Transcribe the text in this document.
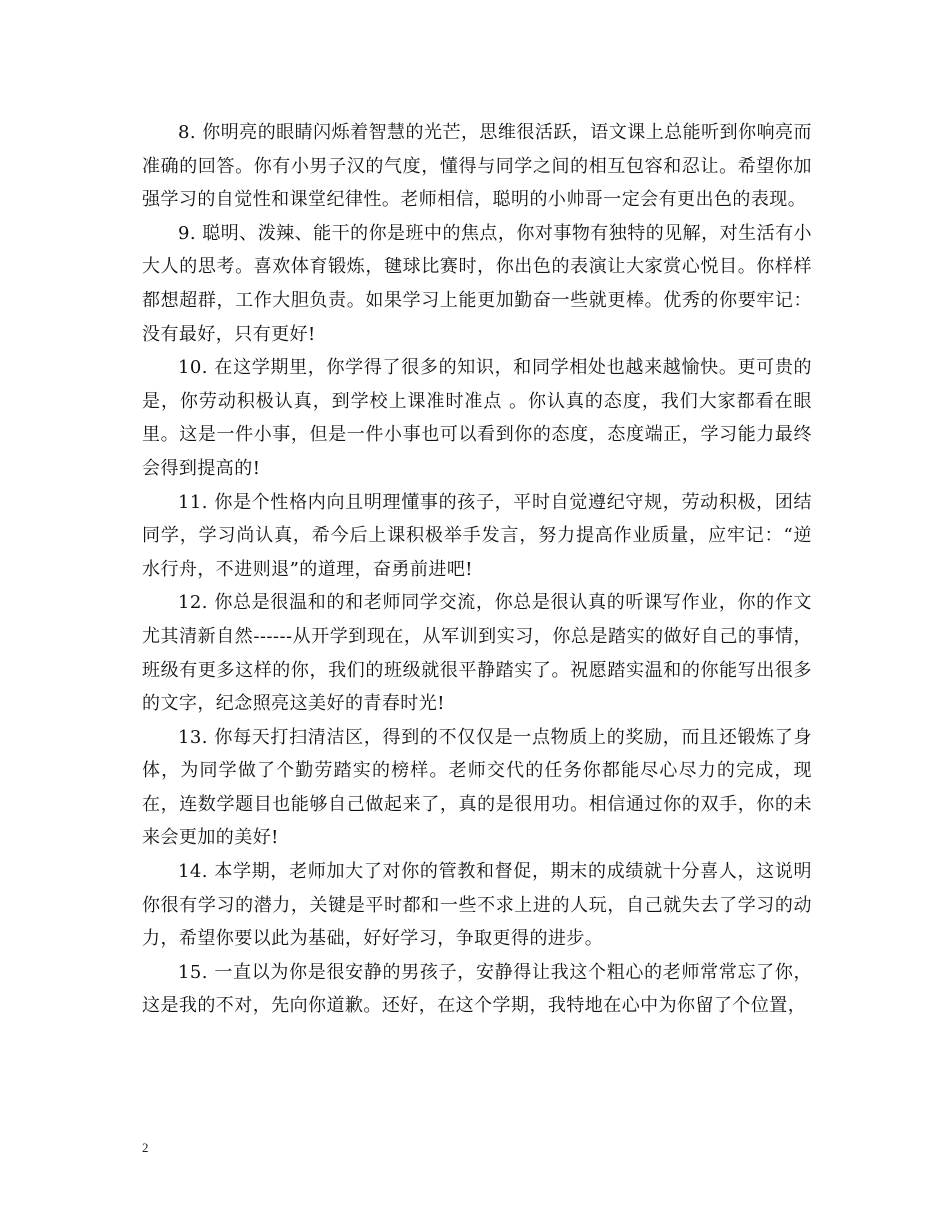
8. 你明亮的眼睛闪烁着智慧的光芒，思维很活跃，语文课上总能听到你响亮而准确的回答。你有小男子汉的气度，懂得与同学之间的相互包容和忍让。希望你加强学习的自觉性和课堂纪律性。老师相信，聪明的小帅哥一定会有更出色的表现。

9. 聪明、泼辣、能干的你是班中的焦点，你对事物有独特的见解，对生活有小大人的思考。喜欢体育锻炼，毽球比赛时，你出色的表演让大家赏心悦目。你样样都想超群，工作大胆负责。如果学习上能更加勤奋一些就更棒。优秀的你要牢记：没有最好，只有更好!

10. 在这学期里，你学得了很多的知识，和同学相处也越来越愉快。更可贵的是，你劳动积极认真，到学校上课准时准点 。你认真的态度，我们大家都看在眼里。这是一件小事，但是一件小事也可以看到你的态度，态度端正，学习能力最终会得到提高的!

11. 你是个性格内向且明理懂事的孩子，平时自觉遵纪守规，劳动积极，团结同学，学习尚认真，希今后上课积极举手发言，努力提高作业质量，应牢记：“逆水行舟，不进则退”的道理，奋勇前进吧!

12. 你总是很温和的和老师同学交流，你总是很认真的听课写作业，你的作文尤其清新自然------从开学到现在，从军训到实习，你总是踏实的做好自己的事情，班级有更多这样的你，我们的班级就很平静踏实了。祝愿踏实温和的你能写出很多的文字，纪念照亮这美好的青春时光!

13. 你每天打扫清洁区，得到的不仅仅是一点物质上的奖励，而且还锻炼了身体，为同学做了个勤劳踏实的榜样。老师交代的任务你都能尽心尽力的完成，现在，连数学题目也能够自己做起来了，真的是很用功。相信通过你的双手，你的未来会更加的美好!

14. 本学期，老师加大了对你的管教和督促，期末的成绩就十分喜人，这说明你很有学习的潜力，关键是平时都和一些不求上进的人玩，自己就失去了学习的动力，希望你要以此为基础，好好学习，争取更得的进步。

15. 一直以为你是很安静的男孩子，安静得让我这个粗心的老师常常忘了你，这是我的不对，先向你道歉。还好，在这个学期，我特地在心中为你留了个位置，

2
